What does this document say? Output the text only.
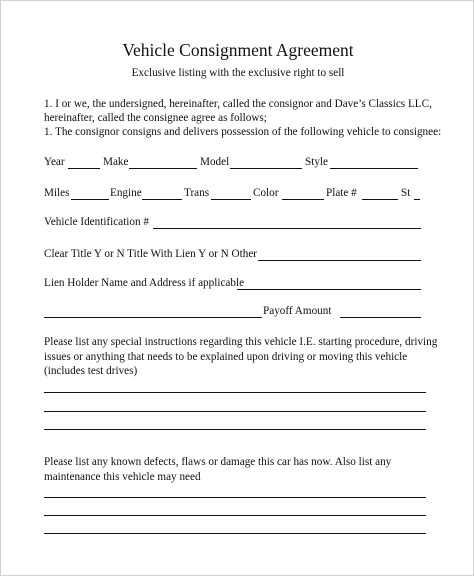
Vehicle Consignment Agreement
Exclusive listing with the exclusive right to sell
1. I or we, the undersigned, hereinafter, called the consignor and Dave’s Classics LLC,
hereinafter, called the consignee agree as follows;
1. The consignor consigns and delivers possession of the following vehicle to consignee:
Year	Make	Model	Style
Miles	Engine	Trans	Color	Plate #	St
Vehicle Identification #
Clear Title Y or N Title With Lien Y or N Other
Lien Holder Name and Address if applicable
Payoff Amount
Please list any special instructions regarding this vehicle I.E. starting procedure, driving
issues or anything that needs to be explained upon driving or moving this vehicle
(includes test drives)
Please list any known defects, flaws or damage this car has now. Also list any
maintenance this vehicle may need
